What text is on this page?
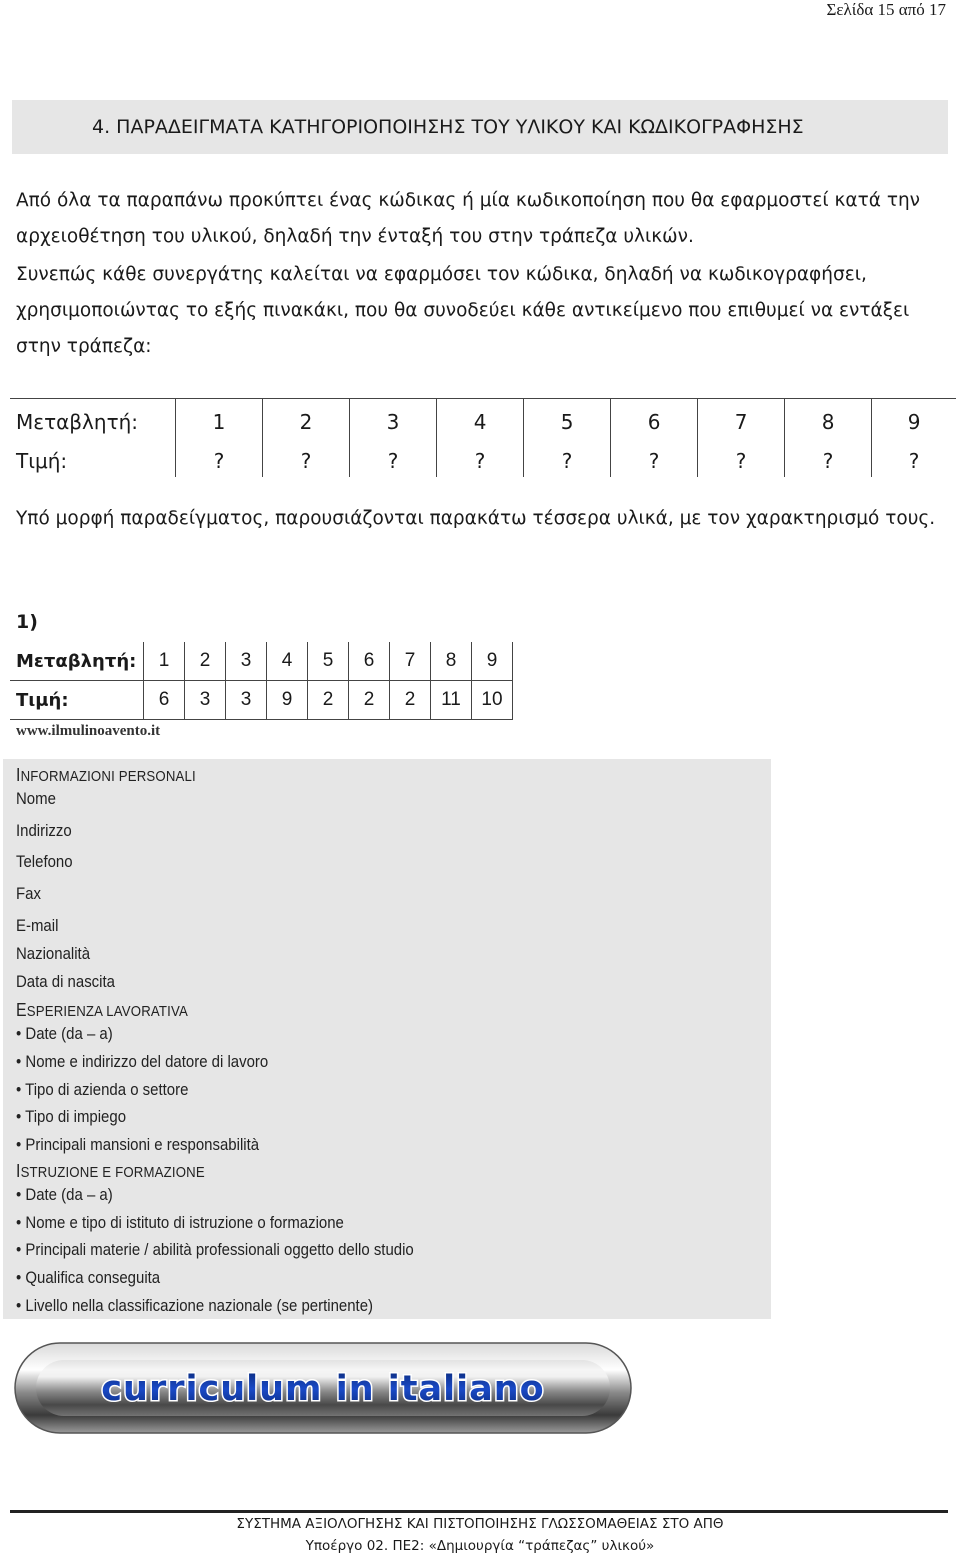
Σελίδα 15 από 17
4. ΠΑΡΑΔΕΙΓΜΑΤΑ ΚΑΤΗΓΟΡΙΟΠΟΙΗΣΗΣ ΤΟΥ ΥΛΙΚΟΥ ΚΑΙ ΚΩΔΙΚΟΓΡΑΦΗΣΗΣ
Από όλα τα παραπάνω προκύπτει ένας κώδικας ή μία κωδικοποίηση που θα εφαρμοστεί κατά την αρχειοθέτηση του υλικού, δηλαδή την ένταξή του στην τράπεζα υλικών.
Συνεπώς κάθε συνεργάτης καλείται να εφαρμόσει τον κώδικα, δηλαδή να κωδικογραφήσει, χρησιμοποιώντας το εξής πινακάκι, που θα συνοδεύει κάθε αντικείμενο που επιθυμεί να εντάξει στην τράπεζα:
Μεταβλητή:	1	2	3	4	5	6	7	8	9
Τιμή:	?	?	?	?	?	?	?	?	?
Υπό μορφή παραδείγματος, παρουσιάζονται παρακάτω τέσσερα υλικά, με τον χαρακτηρισμό τους.
1)
Μεταβλητή:	1	2	3	4	5	6	7	8	9
Τιμή:	6	3	3	9	2	2	2	11	10
www.ilmulinoavento.it
INFORMAZIONI PERSONALI
Nome
Indirizzo
Telefono
Fax
E-mail
Nazionalità
Data di nascita
ESPERIENZA LAVORATIVA
• Date (da – a)
• Nome e indirizzo del datore di lavoro
• Tipo di azienda o settore
• Tipo di impiego
• Principali mansioni e responsabilità
ISTRUZIONE E FORMAZIONE
• Date (da – a)
• Nome e tipo di istituto di istruzione o formazione
• Principali materie / abilità professionali oggetto dello studio
• Qualifica conseguita
• Livello nella classificazione nazionale (se pertinente)
curriculum in italiano
ΣΥΣΤΗΜΑ ΑΞΙΟΛΟΓΗΣΗΣ ΚΑΙ ΠΙΣΤΟΠΟΙΗΣΗΣ ΓΛΩΣΣΟΜΑΘΕΙΑΣ ΣΤΟ ΑΠΘ
Υποέργο 02. ΠΕ2: «Δημιουργία “τράπεζας” υλικού»
